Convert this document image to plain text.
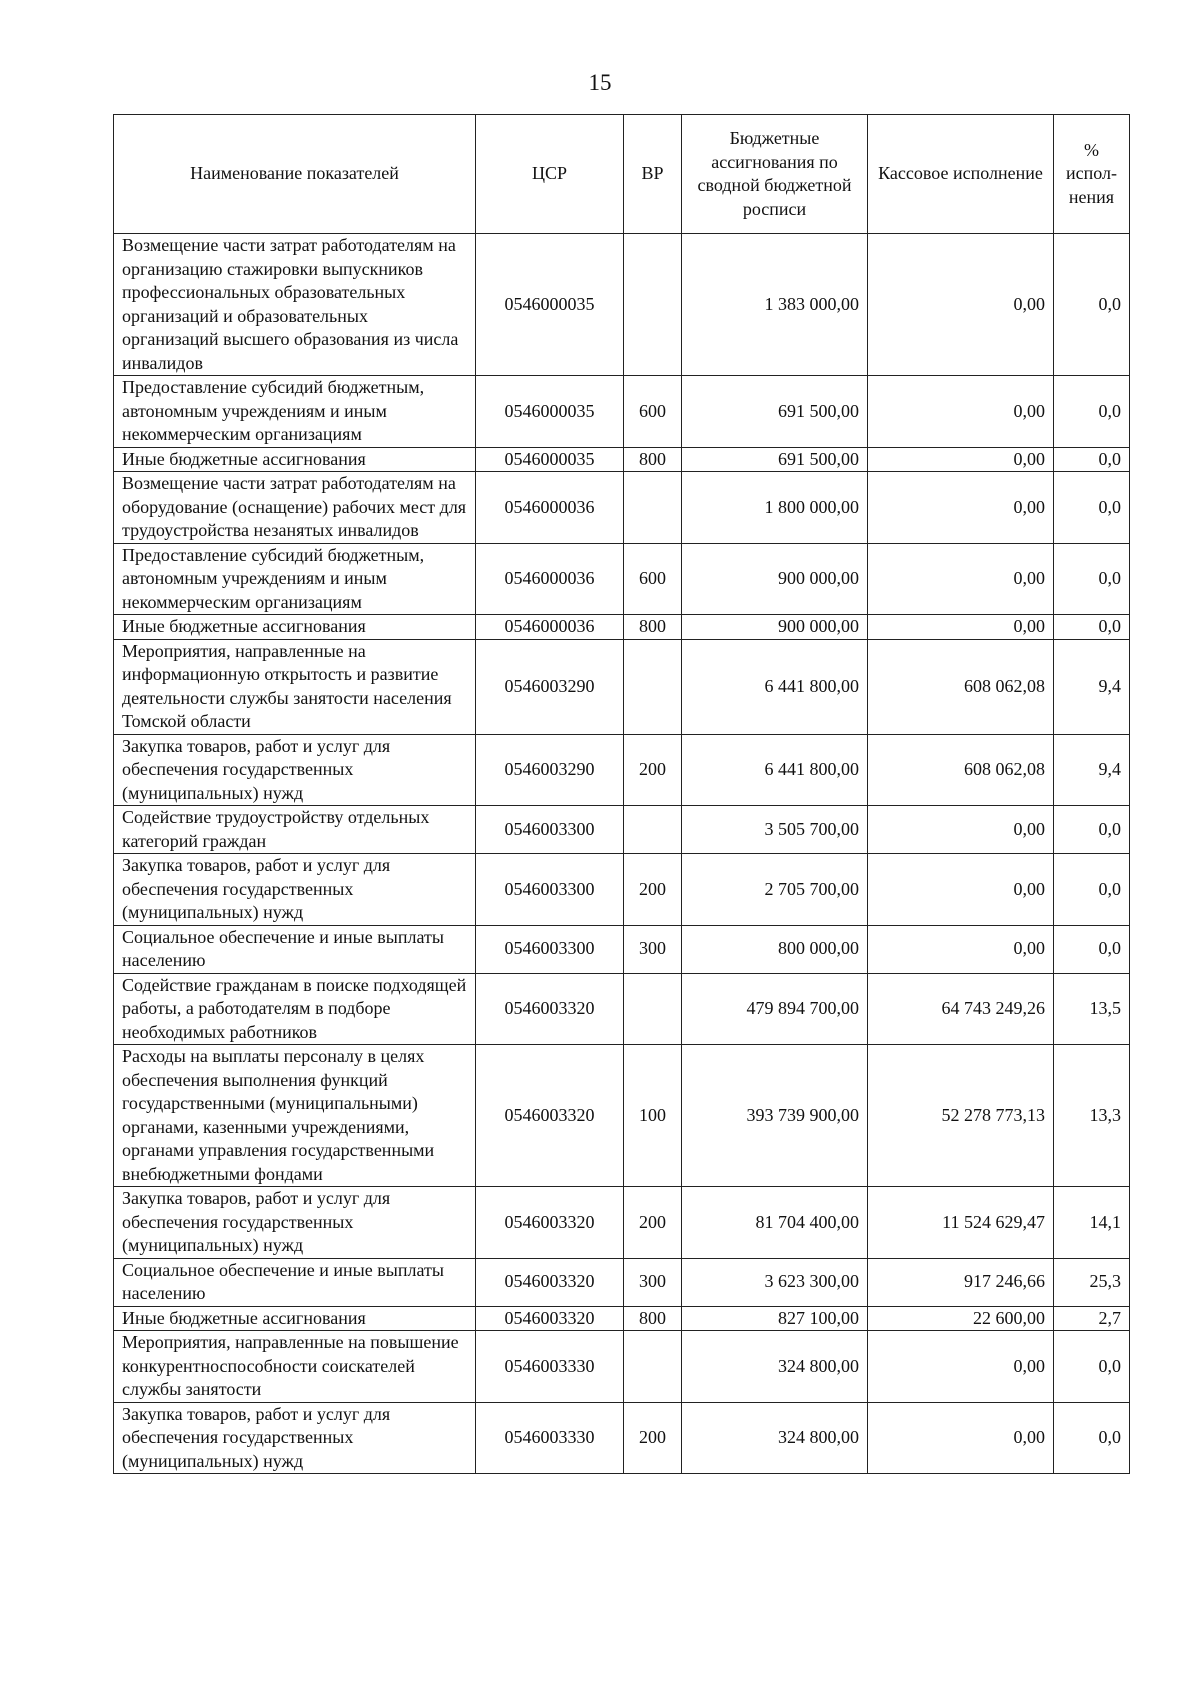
15
Наименование показателей	ЦСР	ВР	Бюджетные ассигнования по сводной бюджетной росписи	Кассовое исполнение	% испол-нения
Возмещение части затрат работодателям на организацию стажировки выпускников профессиональных образовательных организаций и образовательных организаций высшего образования из числа инвалидов	0546000035		1 383 000,00	0,00	0,0
Предоставление субсидий бюджетным, автономным учреждениям и иным некоммерческим организациям	0546000035	600	691 500,00	0,00	0,0
Иные бюджетные ассигнования	0546000035	800	691 500,00	0,00	0,0
Возмещение части затрат работодателям на оборудование (оснащение) рабочих мест для трудоустройства незанятых инвалидов	0546000036		1 800 000,00	0,00	0,0
Предоставление субсидий бюджетным, автономным учреждениям и иным некоммерческим организациям	0546000036	600	900 000,00	0,00	0,0
Иные бюджетные ассигнования	0546000036	800	900 000,00	0,00	0,0
Мероприятия, направленные на информационную открытость и развитие деятельности службы занятости населения Томской области	0546003290		6 441 800,00	608 062,08	9,4
Закупка товаров, работ и услуг для обеспечения государственных (муниципальных) нужд	0546003290	200	6 441 800,00	608 062,08	9,4
Содействие трудоустройству отдельных категорий граждан	0546003300		3 505 700,00	0,00	0,0
Закупка товаров, работ и услуг для обеспечения государственных (муниципальных) нужд	0546003300	200	2 705 700,00	0,00	0,0
Социальное обеспечение и иные выплаты населению	0546003300	300	800 000,00	0,00	0,0
Содействие гражданам в поиске подходящей работы, а работодателям в подборе необходимых работников	0546003320		479 894 700,00	64 743 249,26	13,5
Расходы на выплаты персоналу в целях обеспечения выполнения функций государственными (муниципальными) органами, казенными учреждениями, органами управления государственными внебюджетными фондами	0546003320	100	393 739 900,00	52 278 773,13	13,3
Закупка товаров, работ и услуг для обеспечения государственных (муниципальных) нужд	0546003320	200	81 704 400,00	11 524 629,47	14,1
Социальное обеспечение и иные выплаты населению	0546003320	300	3 623 300,00	917 246,66	25,3
Иные бюджетные ассигнования	0546003320	800	827 100,00	22 600,00	2,7
Мероприятия, направленные на повышение конкурентноспособности соискателей службы занятости	0546003330		324 800,00	0,00	0,0
Закупка товаров, работ и услуг для обеспечения государственных (муниципальных) нужд	0546003330	200	324 800,00	0,00	0,0
